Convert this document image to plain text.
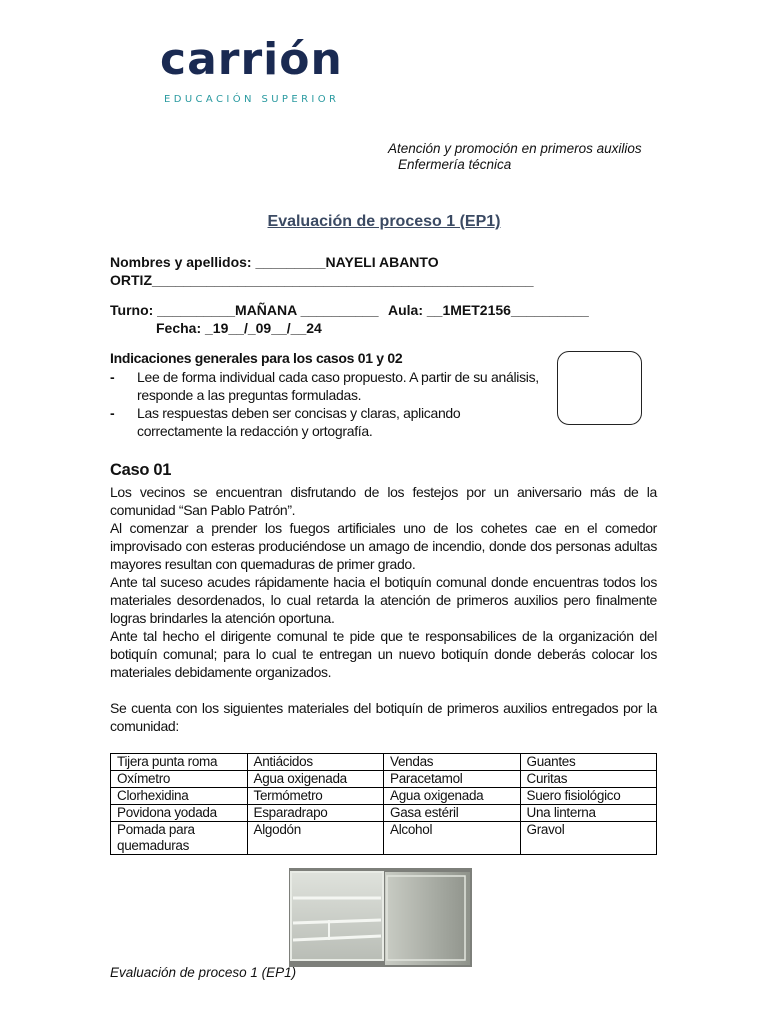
carrión
EDUCACIÓN SUPERIOR
Atención y promoción en primeros auxilios
Enfermería técnica
Evaluación de proceso 1 (EP1)
Nombres y apellidos: _________NAYELI ABANTO
ORTIZ_________________________________________________
Turno: __________MAÑANA __________ Aula: __1MET2156__________
Fecha: _19__/_09__/__24
Indicaciones generales para los casos 01 y 02
-	Lee de forma individual cada caso propuesto. A partir de su análisis, responde a las preguntas formuladas.
-	Las respuestas deben ser concisas y claras, aplicando correctamente la redacción y ortografía.
Caso 01

Los vecinos se encuentran disfrutando de los festejos por un aniversario más de la comunidad “San Pablo Patrón”.

Al comenzar a prender los fuegos artificiales uno de los cohetes cae en el comedor improvisado con esteras produciéndose un amago de incendio, donde dos personas adultas mayores resultan con quemaduras de primer grado.

Ante tal suceso acudes rápidamente hacia el botiquín comunal donde encuentras todos los materiales desordenados, lo cual retarda la atención de primeros auxilios pero finalmente logras brindarles la atención oportuna.

Ante tal hecho el dirigente comunal te pide que te responsabilices de la organización del botiquín comunal; para lo cual te entregan un nuevo botiquín donde deberás colocar los materiales debidamente organizados.

Se cuenta con los siguientes materiales del botiquín de primeros auxilios entregados por la comunidad:

Tijera punta roma	Antiácidos	Vendas	Guantes
Oxímetro	Agua oxigenada	Paracetamol	Curitas
Clorhexidina	Termómetro	Agua oxigenada	Suero fisiológico
Povidona yodada	Esparadrapo	Gasa estéril	Una linterna
Pomada para quemaduras	Algodón	Alcohol	Gravol
Evaluación de proceso 1 (EP1)
